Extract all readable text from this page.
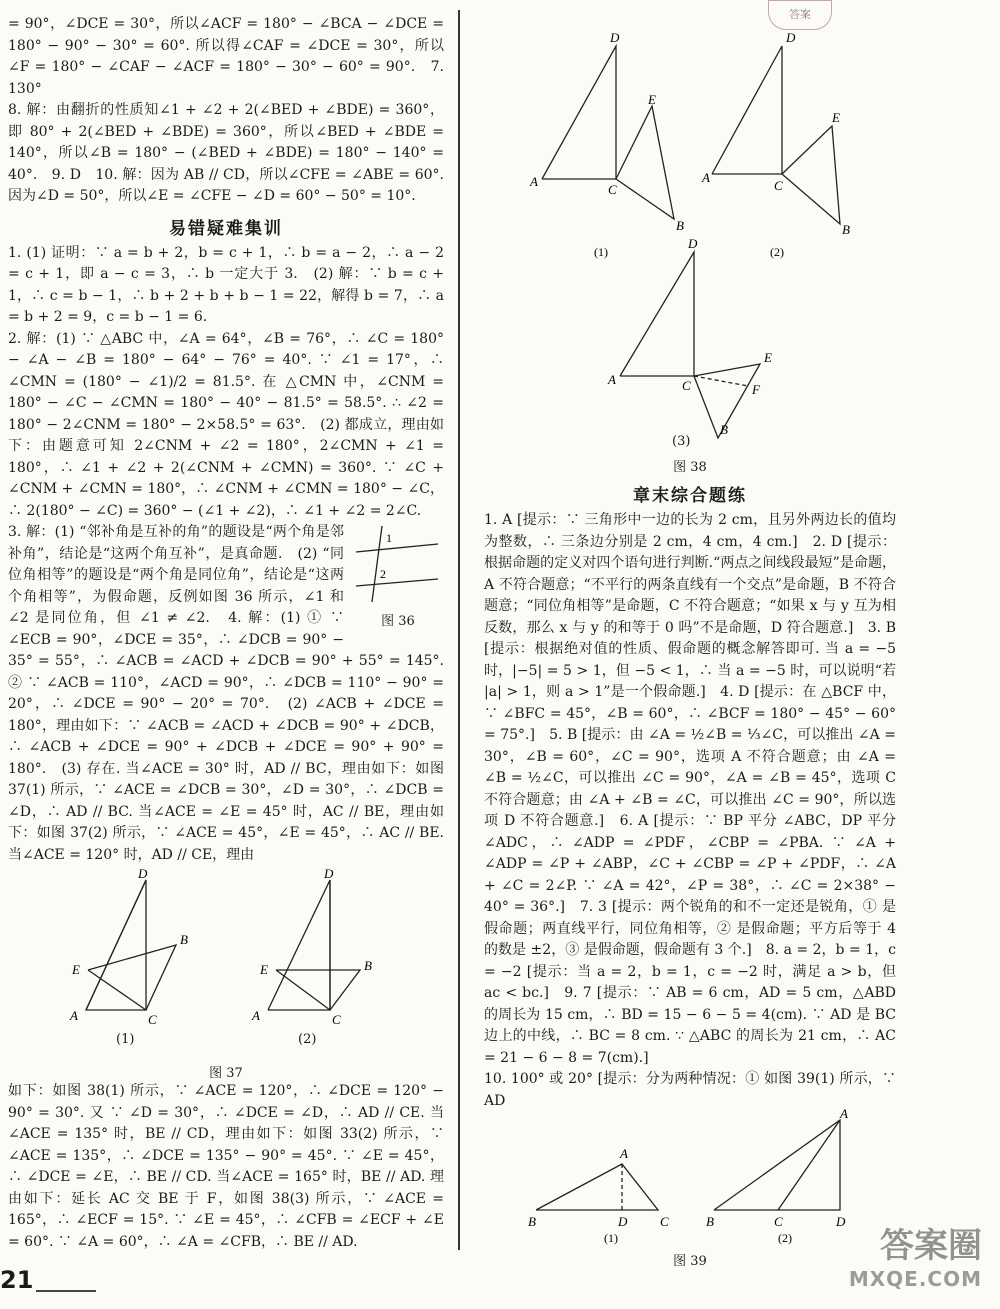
答案

= 90°，∠DCE = 30°，所以∠ACF = 180° − ∠BCA − ∠DCE = 180° − 90° − 30° = 60°. 所以得∠CAF = ∠DCE = 30°，所以∠F = 180° − ∠CAF − ∠ACF = 180° − 30° − 60° = 90°.　7. 130°

8. 解：由翻折的性质知∠1 + ∠2 + 2(∠BED + ∠BDE) = 360°，即 80° + 2(∠BED + ∠BDE) = 360°，所以∠BED + ∠BDE = 140°，所以∠B = 180° − (∠BED + ∠BDE) = 180° − 140° = 40°.　9. D　10. 解：因为 AB // CD，所以∠CFE = ∠ABE = 60°. 因为∠D = 50°，所以∠E = ∠CFE − ∠D = 60° − 50° = 10°.

易错疑难集训

1. (1) 证明：∵ a = b + 2，b = c + 1，∴ b = a − 2，∴ a − 2 = c + 1，即 a − c = 3，∴ b 一定大于 3.　(2) 解：∵ b = c + 1，∴ c = b − 1，∴ b + 2 + b + b − 1 = 22，解得 b = 7，∴ a = b + 2 = 9，c = b − 1 = 6.

2. 解：(1) ∵ △ABC 中，∠A = 64°，∠B = 76°，∴ ∠C = 180° − ∠A − ∠B = 180° − 64° − 76° = 40°. ∵ ∠1 = 17°，∴ ∠CMN = (180° − ∠1)/2 = 81.5°. 在 △CMN 中，∠CNM = 180° − ∠C − ∠CMN = 180° − 40° − 81.5° = 58.5°. ∴ ∠2 = 180° − 2∠CNM = 180° − 2×58.5° = 63°.　(2) 都成立，理由如下：由题意可知 2∠CNM + ∠2 = 180°，2∠CMN + ∠1 = 180°，∴ ∠1 + ∠2 + 2(∠CNM + ∠CMN) = 360°. ∵ ∠C + ∠CNM + ∠CMN = 180°，∴ ∠CNM + ∠CMN = 180° − ∠C，∴ 2(180° − ∠C) = 360° − (∠1 + ∠2)，∴ ∠1 + ∠2 = 2∠C.

1
2
图 36

3. 解：(1) “邻补角是互补的角”的题设是“两个角是邻补角”，结论是“这两个角互补”，是真命题.　(2) “同位角相等”的题设是“两个角是同位角”，结论是“这两个角相等”，为假命题，反例如图 36 所示，∠1 和 ∠2 是同位角，但 ∠1 ≠ ∠2.　4. 解：(1) ① ∵ ∠ECB = 90°，∠DCE = 35°，∴ ∠DCB = 90° − 35° = 55°，∴ ∠ACB = ∠ACD + ∠DCB = 90° + 55° = 145°.　② ∵ ∠ACB = 110°，∠ACD = 90°，∴ ∠DCB = 110° − 90° = 20°，∴ ∠DCE = 90° − 20° = 70°.　(2) ∠ACB + ∠DCE = 180°，理由如下：∵ ∠ACB = ∠ACD + ∠DCB = 90° + ∠DCB，∴ ∠ACB + ∠DCE = 90° + ∠DCB + ∠DCE = 90° + 90° = 180°.　(3) 存在. 当∠ACE = 30° 时，AD // BC，理由如下：如图 37(1) 所示，∵ ∠ACE = ∠DCB = 30°，∠D = 30°，∴ ∠DCB = ∠D，∴ AD // BC. 当∠ACE = ∠E = 45° 时，AC // BE，理由如下：如图 37(2) 所示，∵ ∠ACE = 45°，∠E = 45°，∴ AC // BE. 当∠ACE = 120° 时，AD // CE，理由

D
B
E
A	C
D
B
E
A	C
(1)	(2)
图 37

如下：如图 38(1) 所示，∵ ∠ACE = 120°，∴ ∠DCE = 120° − 90° = 30°. 又 ∵ ∠D = 30°，∴ ∠DCE = ∠D，∴ AD // CE. 当∠ACE = 135° 时，BE // CD，理由如下：如图 33(2) 所示，∵ ∠ACE = 135°，∴ ∠DCE = 135° − 90° = 45°. ∵ ∠E = 45°，∴ ∠DCE = ∠E，∴ BE // CD. 当∠ACE = 165° 时，BE // AD. 理由如下：延长 AC 交 BE 于 F，如图 38(3) 所示，∵ ∠ACE = 165°，∴ ∠ECF = 15°. ∵ ∠E = 45°，∴ ∠CFB = ∠ECF + ∠E = 60°. ∵ ∠A = 60°，∴ ∠A = ∠CFB，∴ BE // AD.

21
D
E
A
C
B
(1)
D
E
A
C
B
(2)
D
E
F
A	C
B
(3)
图 38
章末综合题练

1. A [提示：∵ 三角形中一边的长为 2 cm，且另外两边长的值均为整数，∴ 三条边分别是 2 cm，4 cm，4 cm.]　2. D [提示：根据命题的定义对四个语句进行判断.“两点之间线段最短”是命题，A 不符合题意；“不平行的两条直线有一个交点”是命题，B 不符合题意；“同位角相等”是命题，C 不符合题意；“如果 x 与 y 互为相反数，那么 x 与 y 的和等于 0 吗”不是命题，D 符合题意.]　3. B [提示：根据绝对值的性质、假命题的概念解答即可. 当 a = −5 时，|−5| = 5 > 1，但 −5 < 1，∴ 当 a = −5 时，可以说明“若 |a| > 1，则 a > 1”是一个假命题.]　4. D [提示：在 △BCF 中，∵ ∠BFC = 45°，∠B = 60°，∴ ∠BCF = 180° − 45° − 60° = 75°.]　5. B [提示：由 ∠A = ½∠B = ⅓∠C，可以推出 ∠A = 30°，∠B = 60°，∠C = 90°，选项 A 不符合题意；由 ∠A = ∠B = ½∠C，可以推出 ∠C = 90°，∠A = ∠B = 45°，选项 C 不符合题意；由 ∠A + ∠B = ∠C，可以推出 ∠C = 90°，所以选项 D 不符合题意.]　6. A [提示：∵ BP 平分 ∠ABC，DP 平分 ∠ADC，∴ ∠ADP = ∠PDF，∠CBP = ∠PBA. ∵ ∠A + ∠ADP = ∠P + ∠ABP，∠C + ∠CBP = ∠P + ∠PDF，∴ ∠A + ∠C = 2∠P. ∵ ∠A = 42°，∠P = 38°，∴ ∠C = 2×38° − 40° = 36°.]　7. 3 [提示：两个锐角的和不一定还是锐角，① 是假命题；两直线平行，同位角相等，② 是假命题；平方后等于 4 的数是 ±2，③ 是假命题，假命题有 3 个.]　8. a = 2，b = 1，c = −2 [提示：当 a = 2，b = 1，c = −2 时，满足 a > b，但 ac < bc.]　9. 7 [提示：∵ AB = 6 cm，AD = 5 cm，△ABD 的周长为 15 cm，∴ BD = 15 − 6 − 5 = 4(cm). ∵ AD 是 BC 边上的中线，∴ BC = 8 cm. ∵ △ABC 的周长为 21 cm，∴ AC = 21 − 6 − 8 = 7(cm).]

10. 100° 或 20° [提示：分为两种情况：① 如图 39(1) 所示，∵ AD

A
B	D	C
A
B	C	D
(1)	(2)
图 39	答案圈
MXQE.COM
